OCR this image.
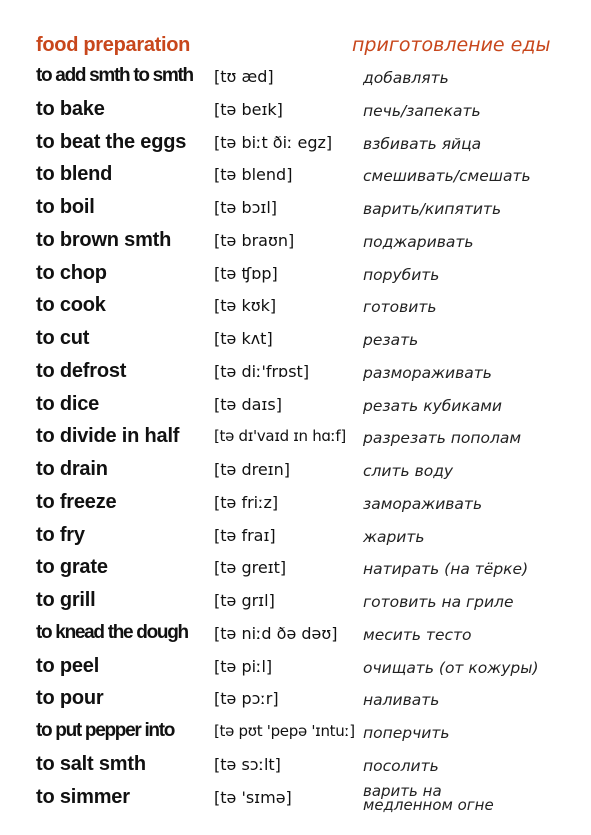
food preparation	приготовление еды
to add smth to smth [tʊ æd]	добавлять
to bake	[tə beɪk]	печь/запекать
to beat the eggs [tə biːt ðiː egz] взбивать яйца
to blend	[tə blend]	смешивать/смешать
to boil	[tə bɔɪl]	варить/кипятить
to brown smth	[tə braʊn]	поджаривать
to chop	[tə ʧɒp]	порубить
to cook	[tə kʊk]	готовить
to cut	[tə kʌt]	резать
to defrost	[tə diː'frɒst]	размораживать
to dice	[tə daɪs]	резать кубиками
to divide in half [tə dɪ'vaɪd ɪn hɑːf] разрезать пополам
to drain	[tə dreɪn]	слить воду
to freeze	[tə friːz]	замораживать
to fry	[tə fraɪ]	жарить
to grate	[tə greɪt]	натирать (на тёрке)
to grill	[tə grɪl]	готовить на гриле
to knead the dough [tə niːd ðə dəʊ] месить тесто
to peel	[tə piːl]	очищать (от кожуры)
to pour	[tə pɔːr]	наливать
to put pepper into	[tə pʊt 'pepə 'ɪntuː] поперчить
to salt smth	[tə sɔːlt]	посолить
to simmer	[tə 'sɪmə]	варить на медленном огне
